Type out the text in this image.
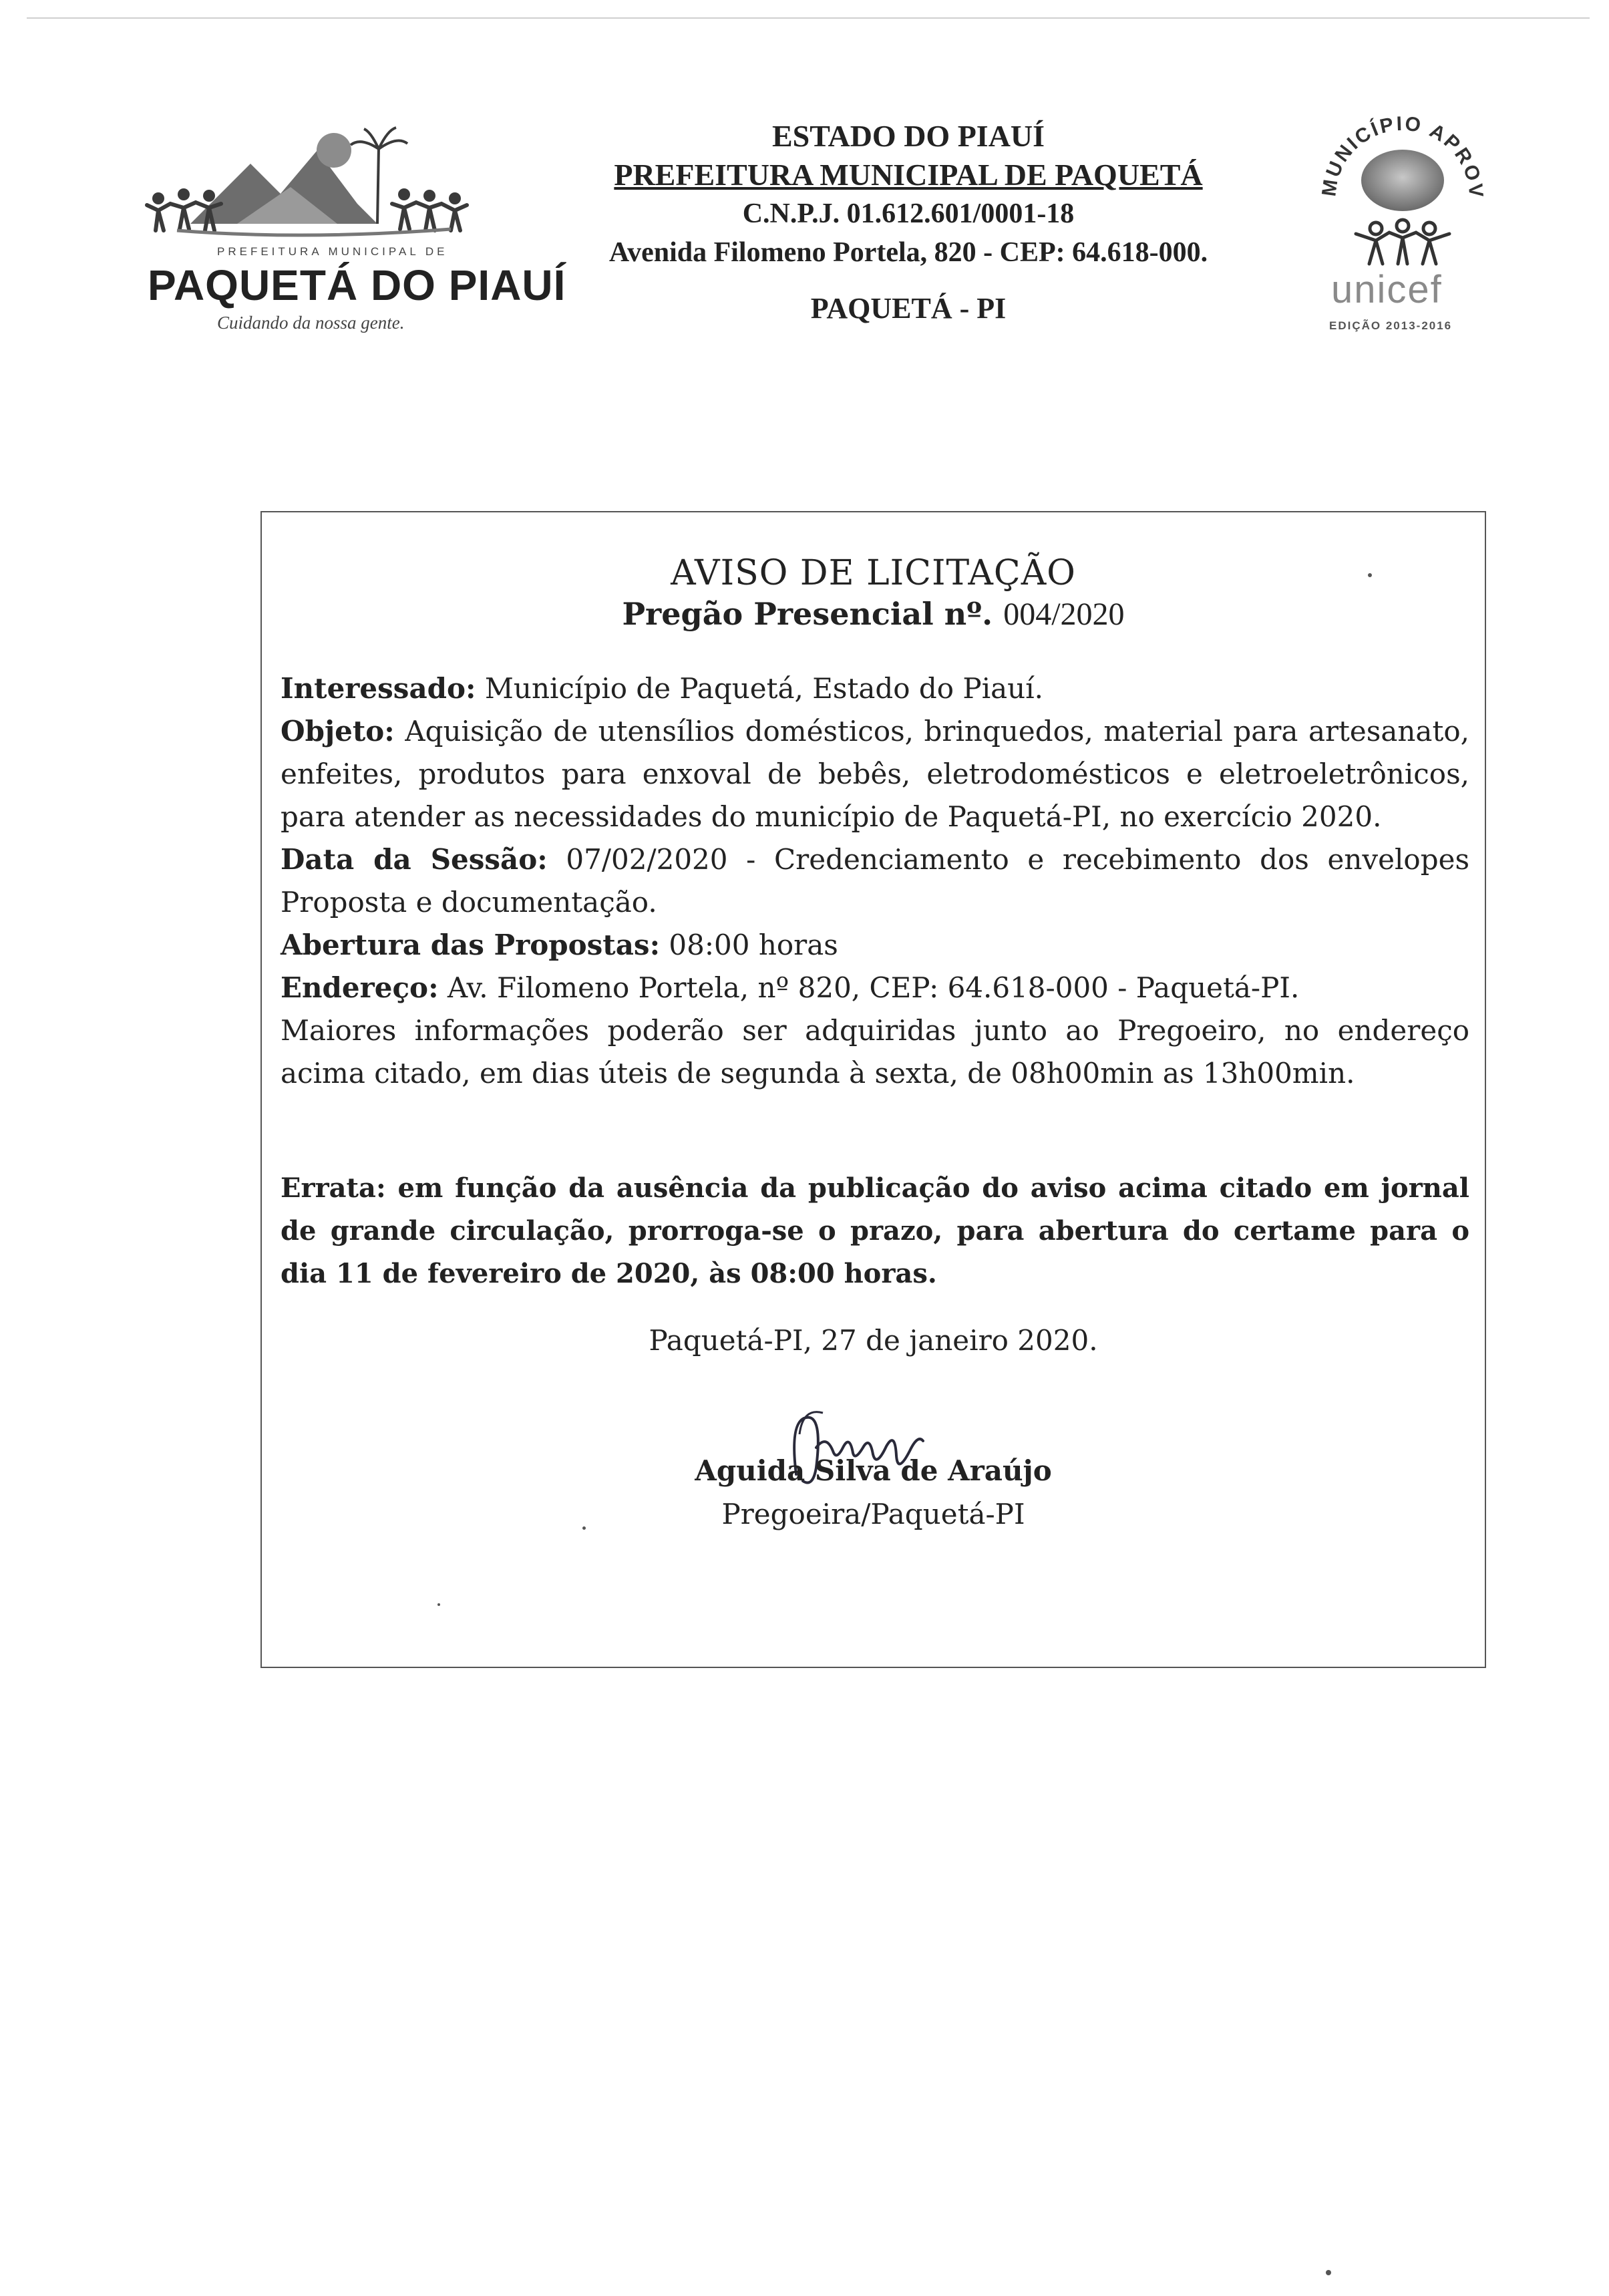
PREFEITURA MUNICIPAL DE
PAQUETÁ DO PIAUÍ
Cuidando da nossa gente.
ESTADO DO PIAUÍ
PREFEITURA MUNICIPAL DE PAQUETÁ
C.N.P.J. 01.612.601/0001-18
Avenida Filomeno Portela, 820 - CEP: 64.618-000.
PAQUETÁ - PI
MUNICÍPIO APROV
unicef
EDIÇÃO 2013-2016
AVISO DE LICITAÇÃO
Pregão Presencial nº. 004/2020

Interessado: Município de Paquetá, Estado do Piauí.

Objeto: Aquisição de utensílios domésticos, brinquedos, material para artesanato, enfeites, produtos para enxoval de bebês, eletrodomésticos e eletroeletrônicos, para atender as necessidades do município de Paquetá-PI, no exercício 2020.

Data da Sessão: 07/02/2020 - Credenciamento e recebimento dos envelopes Proposta e documentação.

Abertura das Propostas: 08:00 horas

Endereço: Av. Filomeno Portela, nº 820, CEP: 64.618-000 - Paquetá-PI.

Maiores informações poderão ser adquiridas junto ao Pregoeiro, no endereço acima citado, em dias úteis de segunda à sexta, de 08h00min as 13h00min.

Errata: em função da ausência da publicação do aviso acima citado em jornal de grande circulação, prorroga-se o prazo, para abertura do certame para o dia 11 de fevereiro de 2020, às 08:00 horas.
Paquetá-PI, 27 de janeiro 2020.
Aguida Silva de Araújo
Pregoeira/Paquetá-PI
